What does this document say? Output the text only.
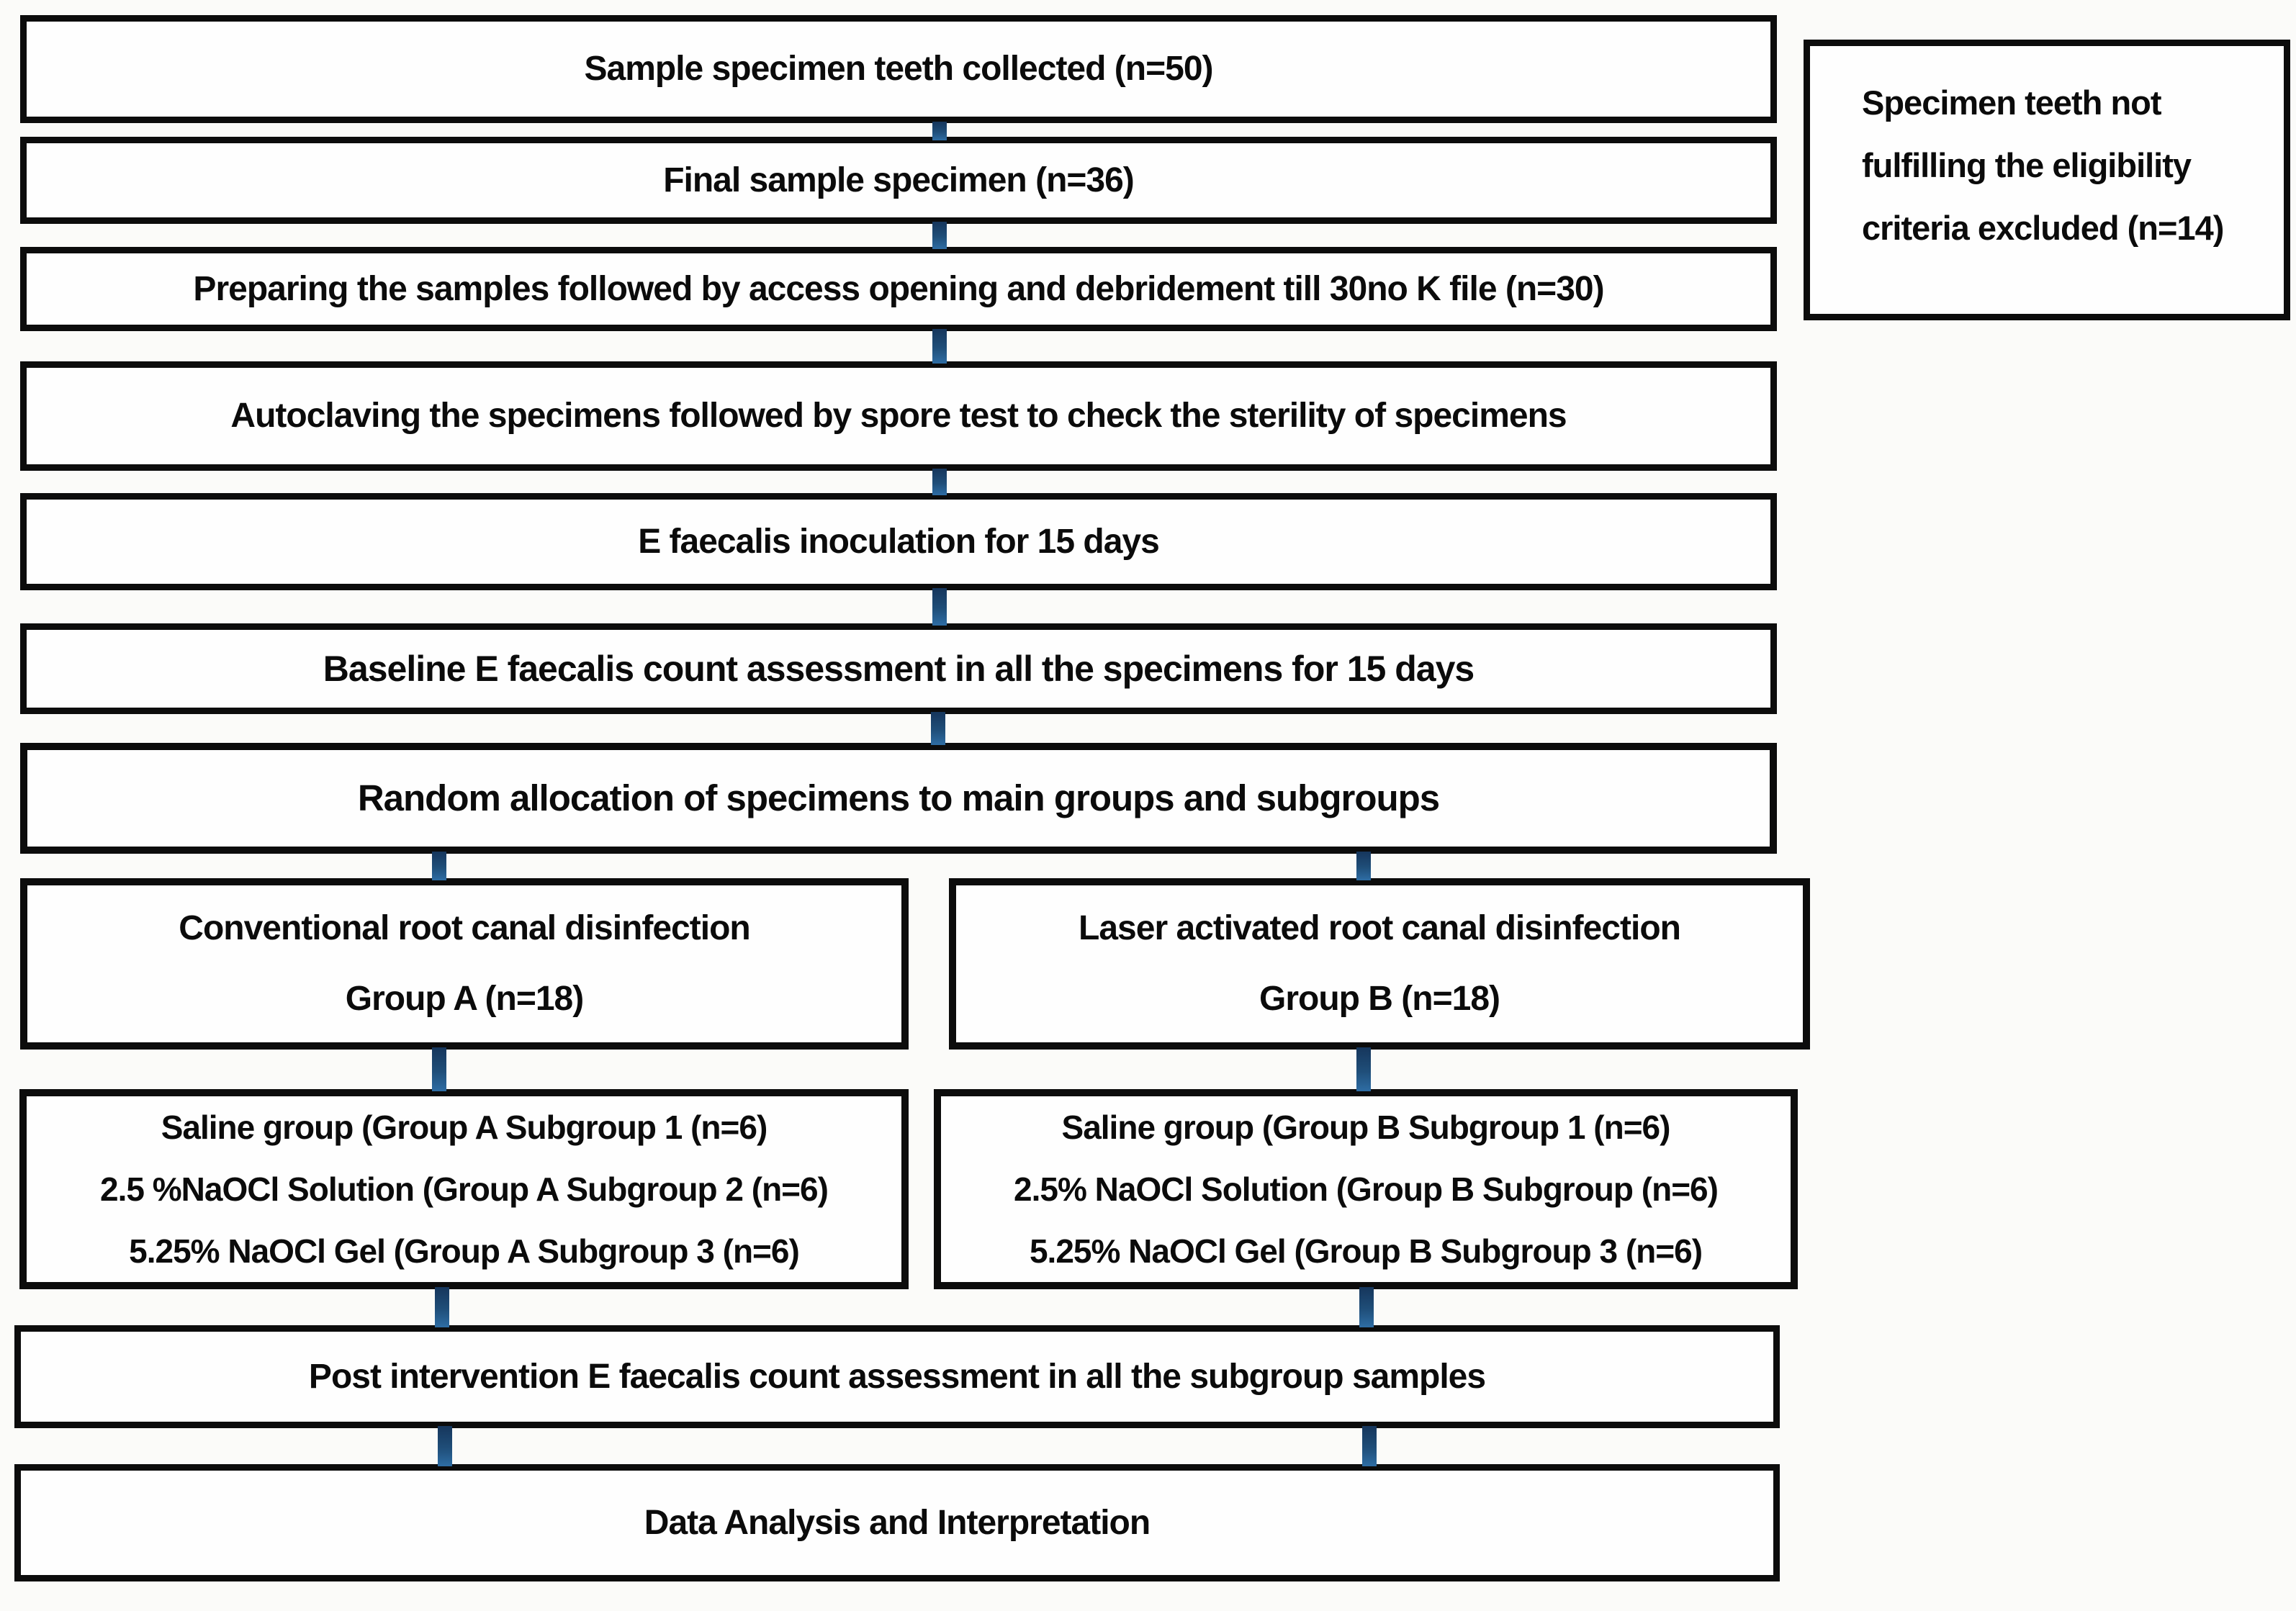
Sample specimen teeth collected (n=50)
Final sample specimen (n=36)
Preparing the samples followed by access opening and debridement till 30no K file (n=30)
Autoclaving the specimens followed by spore test to check the sterility of specimens
E faecalis inoculation for 15 days
Baseline E faecalis count assessment in all the specimens for 15 days
Random allocation of specimens to main groups and subgroups
Specimen teeth not
fulfilling the eligibility
criteria excluded (n=14)
Conventional root canal disinfection
Group A (n=18)
Laser activated root canal disinfection
Group B (n=18)
Saline group (Group A Subgroup 1 (n=6)
2.5 %NaOCl Solution (Group A Subgroup 2 (n=6)
5.25% NaOCl Gel (Group A Subgroup 3 (n=6)
Saline group (Group B Subgroup 1 (n=6)
2.5% NaOCl Solution (Group B Subgroup (n=6)
5.25% NaOCl Gel (Group B Subgroup 3 (n=6)
Post intervention E faecalis count assessment in all the subgroup samples
Data Analysis and Interpretation
